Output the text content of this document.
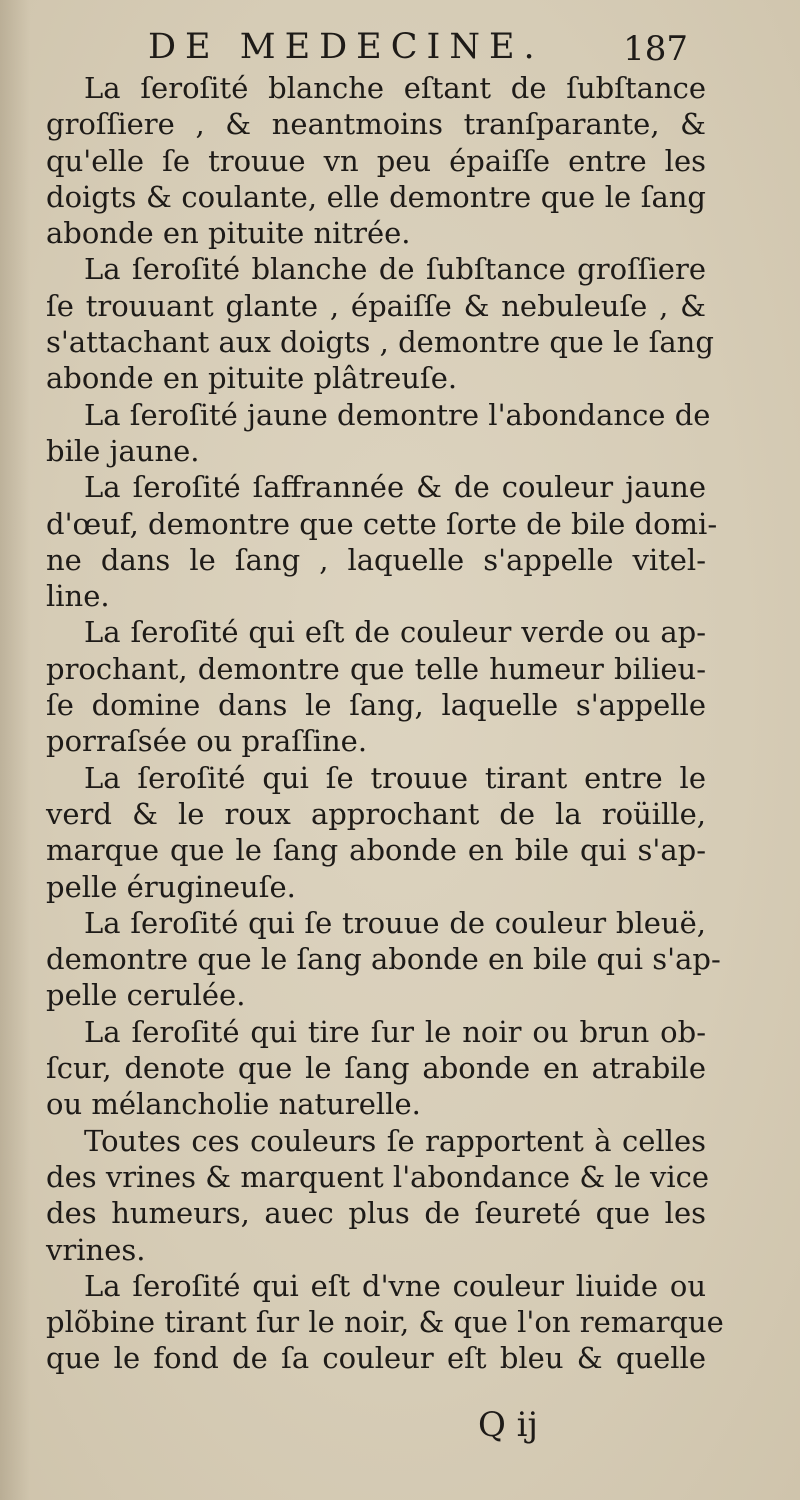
DE MEDECINE. 187
La ſeroſité blanche eſtant de ſubſtance
groſſiere , & neantmoins tranſparante, &
qu'elle ſe trouue vn peu épaiſſe entre les
doigts & coulante, elle demontre que le ſang
abonde en pituite nitrée.
La ſeroſité blanche de ſubſtance groſſiere
ſe trouuant glante , épaiſſe & nebuleuſe , &
s'attachant aux doigts , demontre que le ſang
abonde en pituite plâtreuſe.
La ſeroſité jaune demontre l'abondance de
bile jaune.
La ſeroſité ſaffrannée & de couleur jaune
d'œuf, demontre que cette ſorte de bile domi-
ne dans le ſang , laquelle s'appelle vitel-
line.
La ſeroſité qui eſt de couleur verde ou ap-
prochant, demontre que telle humeur bilieu-
ſe domine dans le ſang, laquelle s'appelle
porraſsée ou praſſine.
La ſeroſité qui ſe trouue tirant entre le
verd & le roux approchant de la roüille,
marque que le ſang abonde en bile qui s'ap-
pelle érugineuſe.
La ſeroſité qui ſe trouue de couleur bleuë,
demontre que le ſang abonde en bile qui s'ap-
pelle cerulée.
La ſeroſité qui tire ſur le noir ou brun ob-
ſcur, denote que le ſang abonde en atrabile
ou mélancholie naturelle.
Toutes ces couleurs ſe rapportent à celles
des vrines & marquent l'abondance & le vice
des humeurs, auec plus de ſeureté que les
vrines.
La ſeroſité qui eſt d'vne couleur liuide ou
plõbine tirant ſur le noir, & que l'on remarque
que le fond de ſa couleur eſt bleu & quelle
Q ij
